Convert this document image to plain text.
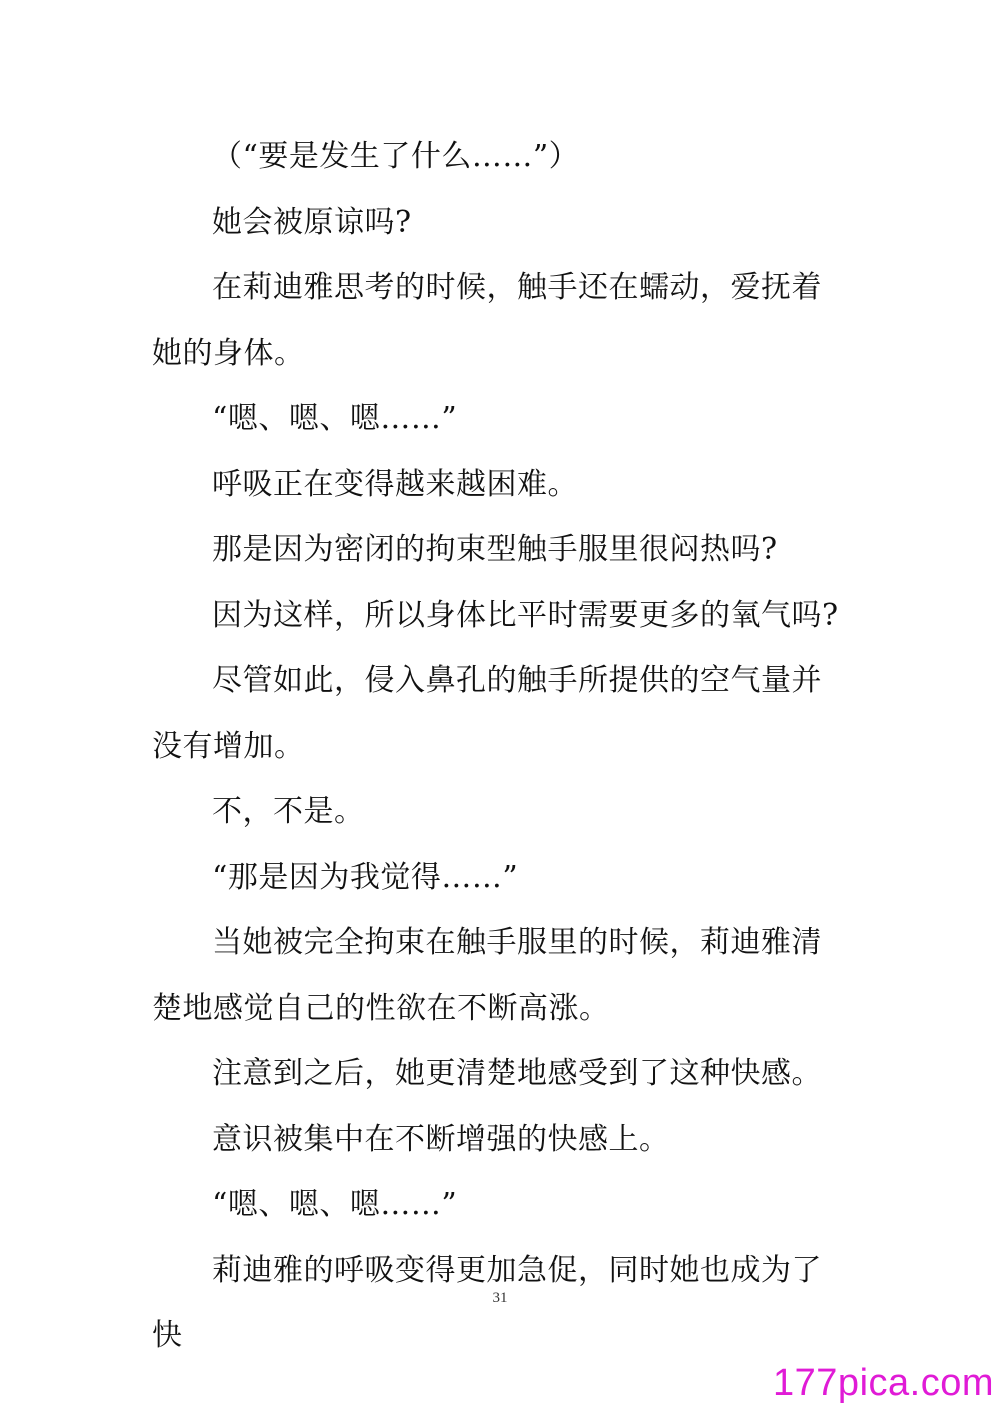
（“要是发生了什么……”）

她会被原谅吗?

在莉迪雅思考的时候，触手还在蠕动，爱抚着她的身体。

“嗯、嗯、嗯……”

呼吸正在变得越来越困难。

那是因为密闭的拘束型触手服里很闷热吗?

因为这样，所以身体比平时需要更多的氧气吗?

尽管如此，侵入鼻孔的触手所提供的空气量并没有增加。

不，不是。

“那是因为我觉得……”

当她被完全拘束在触手服里的时候，莉迪雅清楚地感觉自己的性欲在不断高涨。

注意到之后，她更清楚地感受到了这种快感。

意识被集中在不断增强的快感上。

“嗯、嗯、嗯……”

莉迪雅的呼吸变得更加急促，同时她也成为了快

31
177pica.com
